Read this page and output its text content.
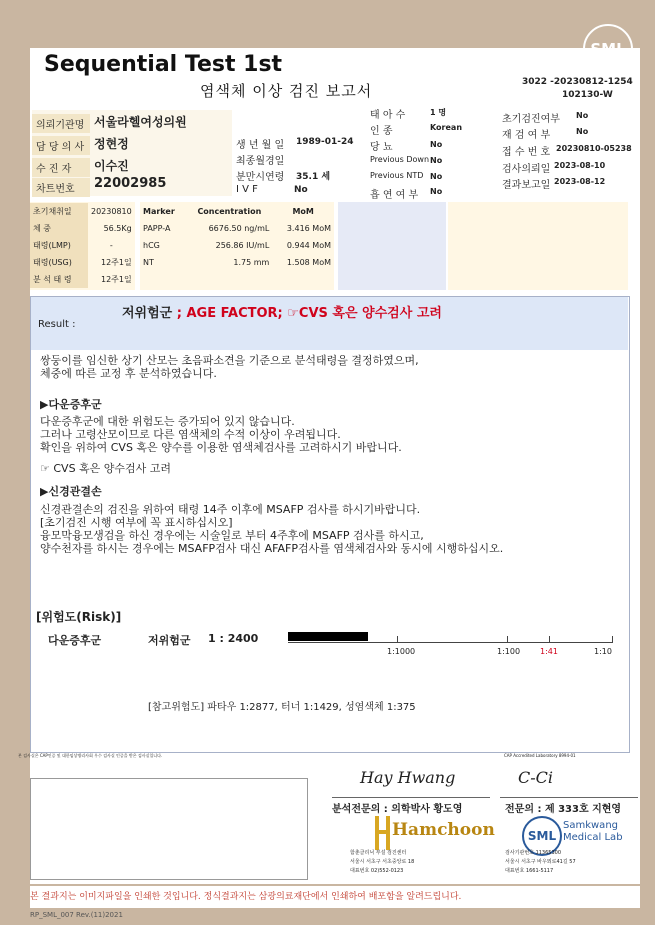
Sequential Test 1st
염색체 이상 검진 보고서	3022 -20230812-1254
102130-W
의뢰기관명 서울라헬여성의원
담 당 의 사 정현정
수 진 자	이수진
차트번호	22002985
생 년 월 일 1989-01-24
최종월경일
분만시연령 35.1 세
I V F	No
태 아 수	1 명
인 종	Korean
당 뇨	No
Previous Down No
Previous NTD No
흡 연 여 부 No
초기검진여부 No
재 검 여 부	No
접 수 번 호 20230810-05238
검사의뢰일 2023-08-10
결과보고일 2023-08-12
초기채취일	20230810
체 중	56.5Kg
태령(LMP)	-
태령(USG)	12주1일
분 석 태 령	12주1일
Marker	Concentration	MoM
PAPP-A	6676.50 ng/mL	3.416 MoM
hCG	256.86 IU/mL	0.944 MoM
NT	1.75 mm	1.508 MoM
Result :
저위험군 ; AGE FACTOR; ☞CVS 혹은 양수검사 고려
쌍둥이를 임신한 상기 산모는 초음파소견을 기준으로 분석태령을 결정하였으며,
체중에 따른 교정 후 분석하였습니다.
▶다운증후군
다운증후군에 대한 위험도는 증가되어 있지 않습니다.
그러나 고령산모이므로 다른 염색체의 수적 이상이 우려됩니다.
확인을 위하여 CVS 혹은 양수를 이용한 염색체검사를 고려하시기 바랍니다.
☞ CVS 혹은 양수검사 고려
▶신경관결손
신경관결손의 검진을 위하여 태령 14주 이후에 MSAFP 검사를 하시기바랍니다.
[초기검진 시행 여부에 꼭 표시하십시오]
융모막융모생검을 하신 경우에는 시술일로 부터 4주후에 MSAFP 검사를 하시고,
양수천자를 하시는 경우에는 MSAFP검사 대신 AFAFP검사를 염색체검사와 동시에 시행하십시오.
[위험도(Risk)]
다운증후군	저위험군 1 : 2400
1:1000	1:100 1:41	1:10
[참고위험도] 파타우 1:2877, 터너 1:1429, 성염색체 1:375
본 검사실은 CAP인증 및 대한임상병리사회 우수 검사실 인증을 받은 검사실입니다.	CAP Accredited Laboratory 8994-01
Hay Hwang
분석전문의 : 의학박사 황도영
Hamchoon
함춘클리닉 부설 검진센터
서울시 서초구 서초중앙로 18
대표번호 02)552-0123
C-Ci
전문의 : 제 333호 지현영
SML
Samkwang
Medical Lab
검사기관번호 11365300
서울시 서초구 바우뫼로41길 57
대표번호 1661-5117
본 결과지는 이미지파일을 인쇄한 것입니다. 정식결과지는 삼광의료재단에서 인쇄하여 배포함을 알려드립니다.
RP_SML_007 Rev.(11)2021
